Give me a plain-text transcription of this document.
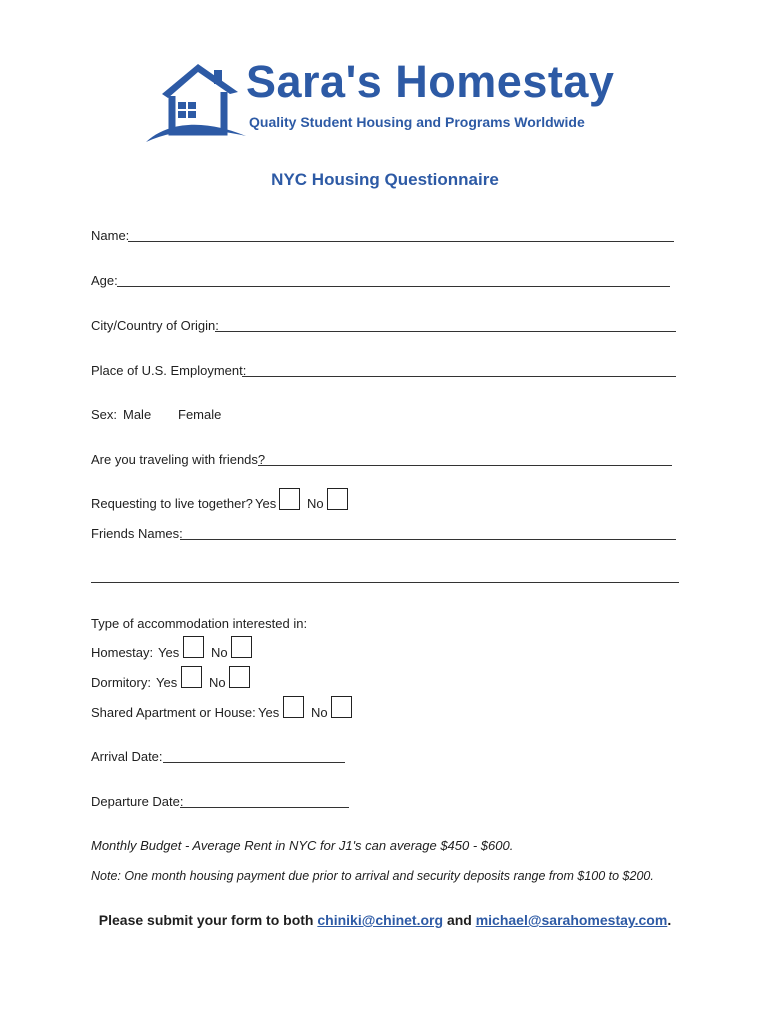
Sara's Homestay
Quality Student Housing and Programs Worldwide
NYC Housing Questionnaire
Name:
Age:
City/Country of Origin:
Place of U.S. Employment:
Sex: Male Female
Are you traveling with friends?
Requesting to live together? Yes No
Friends Names:
Type of accommodation interested in:
Homestay: Yes No
Dormitory: Yes No
Shared Apartment or House: Yes No
Arrival Date:
Departure Date:
Monthly Budget - Average Rent in NYC for J1's can average $450 - $600.
Note: One month housing payment due prior to arrival and security deposits range from $100 to $200.
Please submit your form to both chiniki@chinet.org and michael@sarahomestay.com.
